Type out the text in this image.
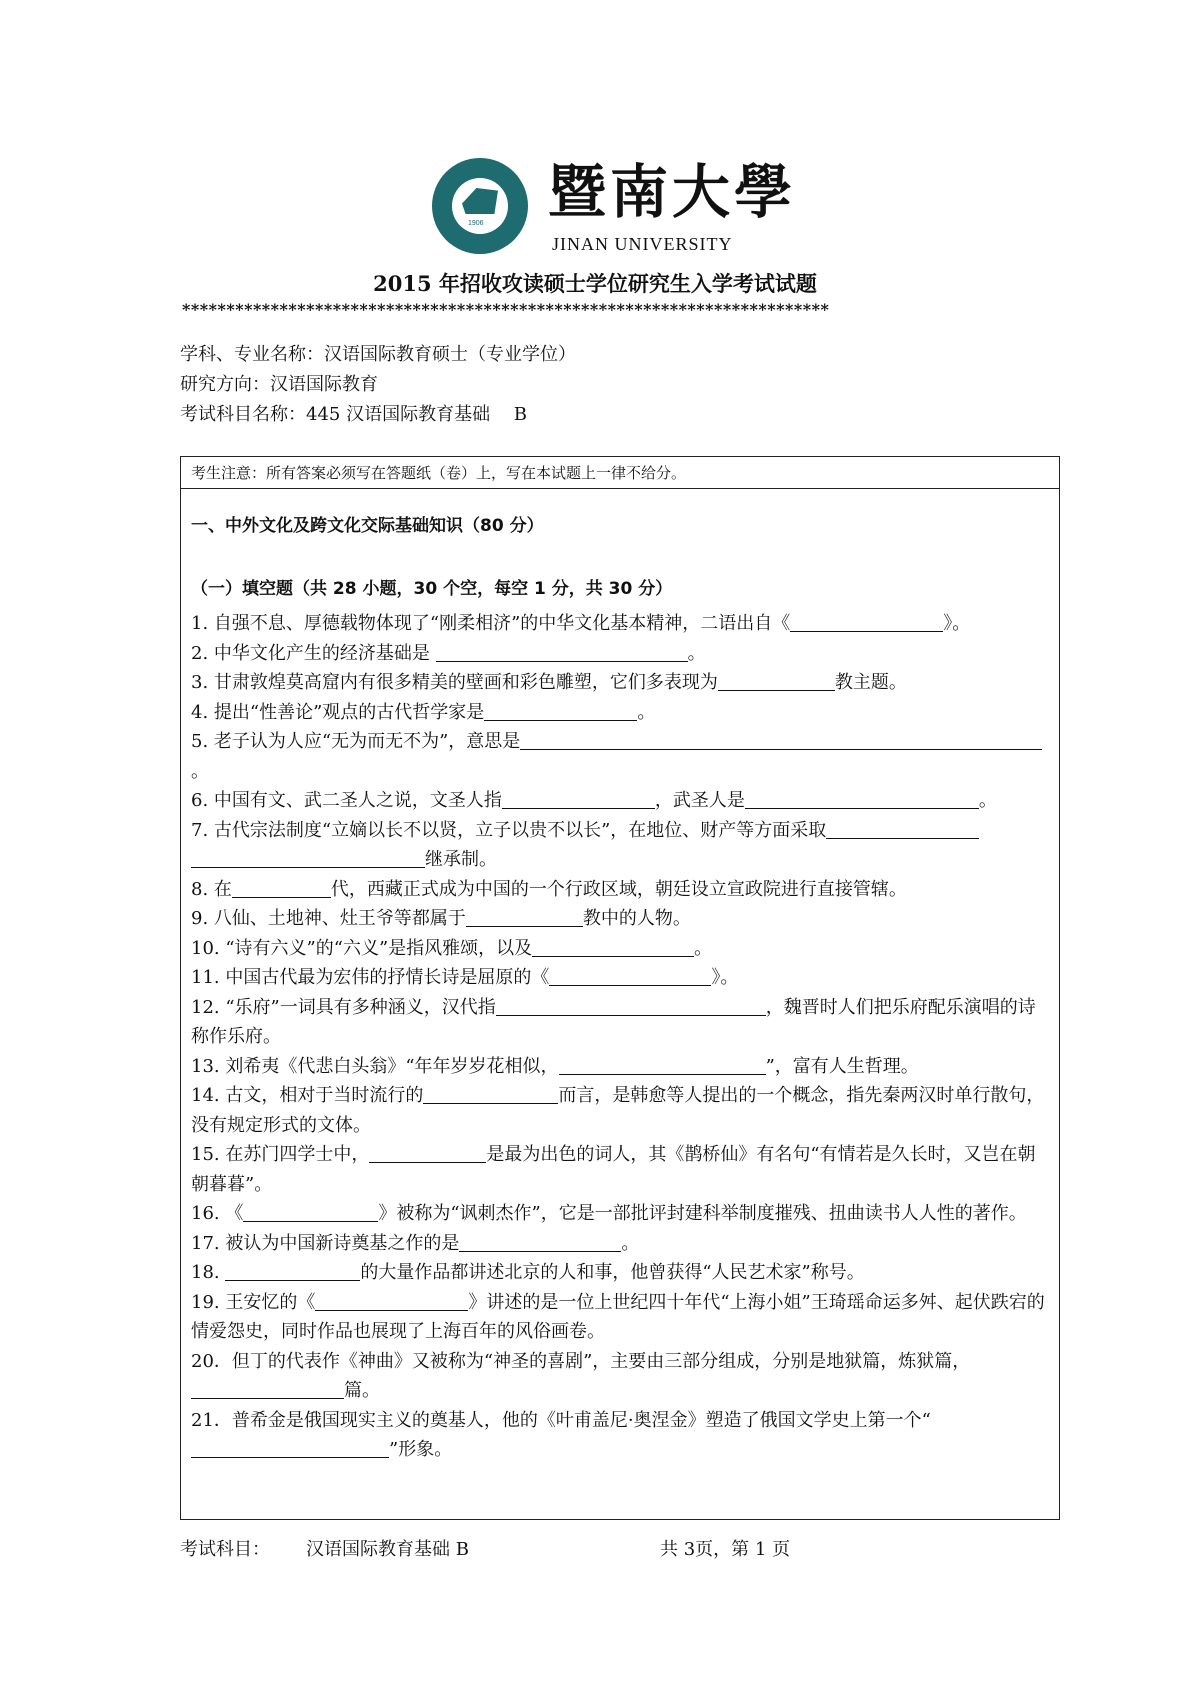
1906 暨南大學
JINAN UNIVERSITY
2015 年招收攻读硕士学位研究生入学考试试题
*************************************************************************
学科、专业名称：汉语国际教育硕士（专业学位）
研究方向：汉语国际教育
考试科目名称：445 汉语国际教育基础　 B
考生注意：所有答案必须写在答题纸（卷）上，写在本试题上一律不给分。
一、中外文化及跨文化交际基础知识（80 分）
（一）填空题（共 28 小题，30 个空，每空 1 分，共 30 分）
1. 自强不息、厚德载物体现了“刚柔相济”的中华文化基本精神，二语出自《	》。
2. 中华文化产生的经济基础是	。
3. 甘肃敦煌莫高窟内有很多精美的壁画和彩色雕塑，它们多表现为	教主题。
4. 提出“性善论”观点的古代哲学家是	。
5. 老子认为人应“无为而无不为”，意思是。
6. 中国有文、武二圣人之说，文圣人指	，武圣人是	。
7. 古代宗法制度“立嫡以长不以贤，立子以贵不以长”，在地位、财产等方面采取 继承制。
8. 在	代，西藏正式成为中国的一个行政区域，朝廷设立宣政院进行直接管辖。
9. 八仙、土地神、灶王爷等都属于	教中的人物。
10. “诗有六义”的“六义”是指风雅颂，以及	。
11. 中国古代最为宏伟的抒情长诗是屈原的《	》。
12. “乐府”一词具有多种涵义，汉代指	，魏晋时人们把乐府配乐演唱的诗称作乐府。
13. 刘希夷《代悲白头翁》“年年岁岁花相似，	”，富有人生哲理。
14. 古文，相对于当时流行的	而言，是韩愈等人提出的一个概念，指先秦两汉时单行散句，没有规定形式的文体。
15. 在苏门四学士中，	是最为出色的词人，其《鹊桥仙》有名句“有情若是久长时，又岂在朝朝暮暮”。
16. 《	》被称为“讽刺杰作”，它是一部批评封建科举制度摧残、扭曲读书人人性的著作。
17. 被认为中国新诗奠基之作的是	。
18.	的大量作品都讲述北京的人和事，他曾获得“人民艺术家”称号。
19. 王安忆的《	》讲述的是一位上世纪四十年代“上海小姐”王琦瑶命运多舛、起伏跌宕的情爱怨史，同时作品也展现了上海百年的风俗画卷。
20．但丁的代表作《神曲》又被称为“神圣的喜剧”，主要由三部分组成，分别是地狱篇，炼狱篇，篇。
21．普希金是俄国现实主义的奠基人，他的《叶甫盖尼·奥涅金》塑造了俄国文学史上第一个“”形象。
考试科目： 汉语国际教育基础 B	共 3页，第 1 页
